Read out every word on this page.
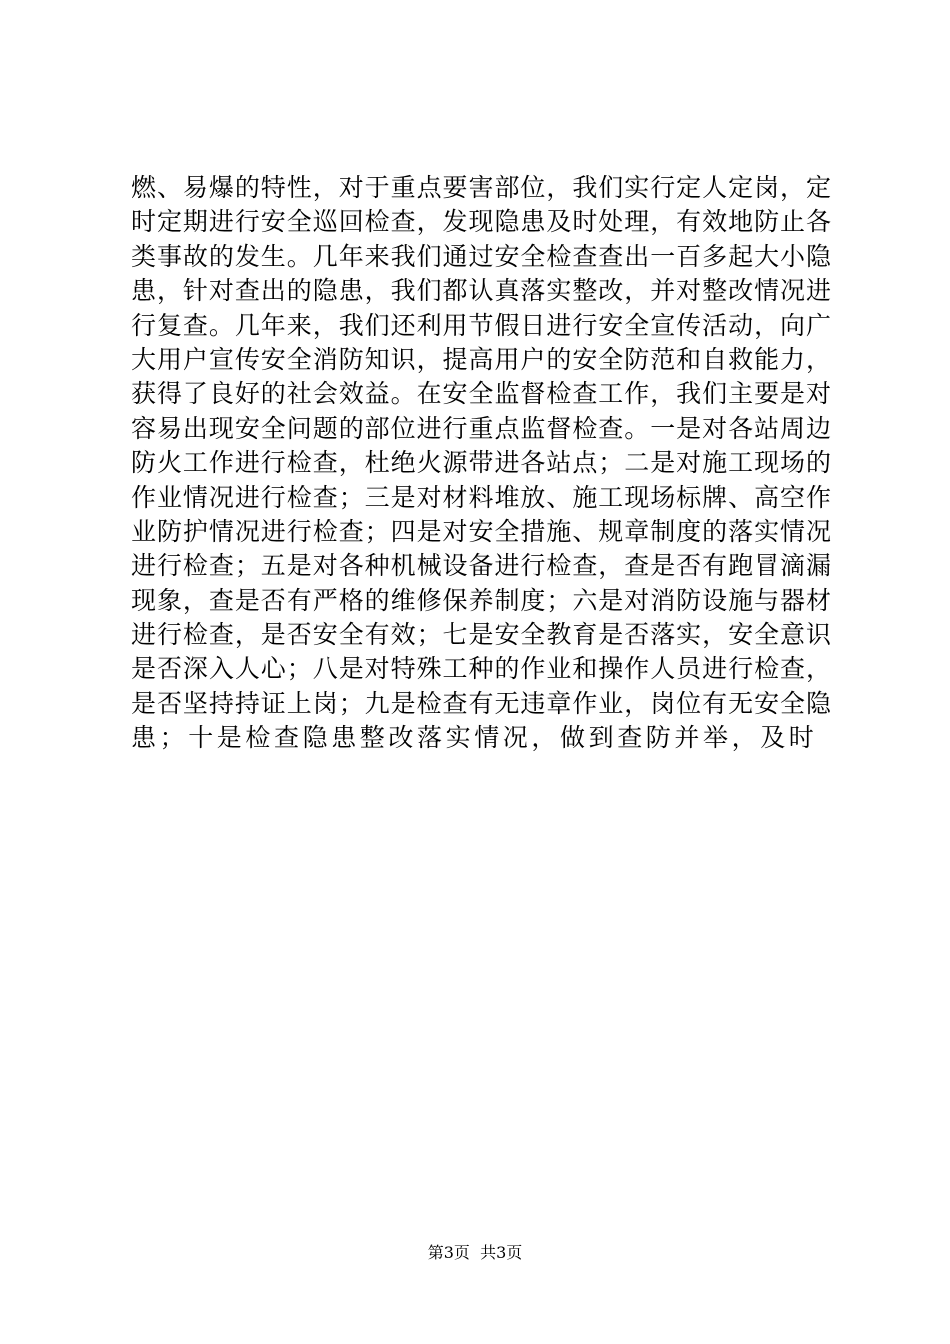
燃、易爆的特性，对于重点要害部位，我们实行定人定岗，定
时定期进行安全巡回检查，发现隐患及时处理，有效地防止各
类事故的发生。几年来我们通过安全检查查出一百多起大小隐
患，针对查出的隐患，我们都认真落实整改，并对整改情况进
行复查。几年来，我们还利用节假日进行安全宣传活动，向广
大用户宣传安全消防知识，提高用户的安全防范和自救能力，
获得了良好的社会效益。在安全监督检查工作，我们主要是对
容易出现安全问题的部位进行重点监督检查。一是对各站周边
防火工作进行检查，杜绝火源带进各站点；二是对施工现场的
作业情况进行检查；三是对材料堆放、施工现场标牌、高空作
业防护情况进行检查；四是对安全措施、规章制度的落实情况
进行检查；五是对各种机械设备进行检查，查是否有跑冒滴漏
现象，查是否有严格的维修保养制度；六是对消防设施与器材
进行检查，是否安全有效；七是安全教育是否落实，安全意识
是否深入人心；八是对特殊工种的作业和操作人员进行检查，
是否坚持持证上岗；九是检查有无违章作业，岗位有无安全隐
患；十是检查隐患整改落实情况，做到查防并举，及时
第3页  共3页
